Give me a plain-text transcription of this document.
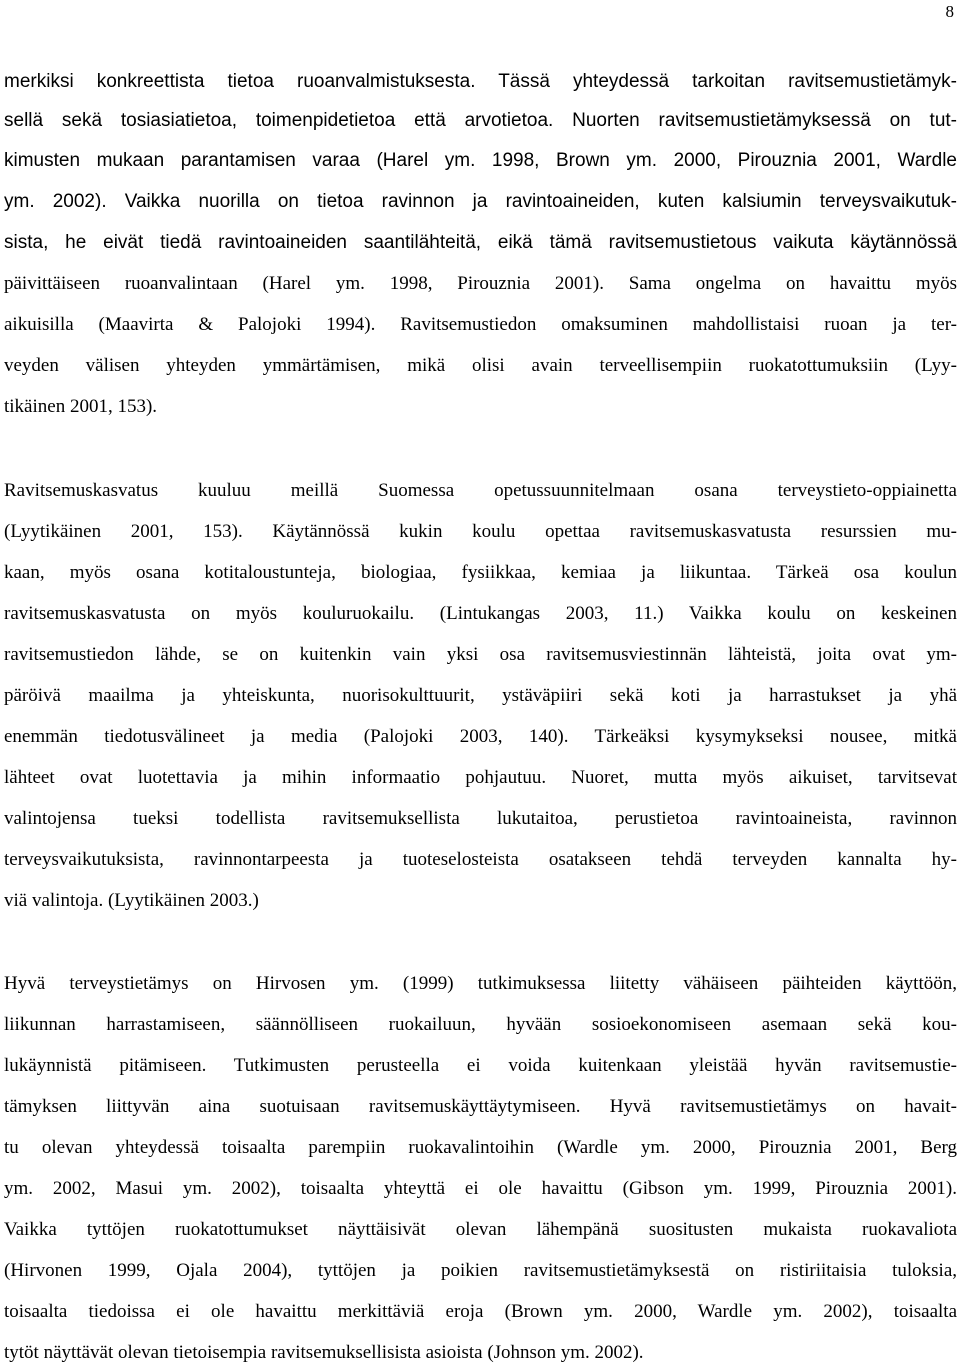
8
merkiksi konkreettista tietoa ruoanvalmistuksesta. Tässä yhteydessä tarkoitan ravitsemustietämyk-
sellä sekä tosiasiatietoa, toimenpidetietoa että arvotietoa. Nuorten ravitsemustietämyksessä on tut-
kimusten mukaan parantamisen varaa (Harel ym. 1998, Brown ym. 2000, Pirouznia 2001, Wardle
ym. 2002). Vaikka nuorilla on tietoa ravinnon ja ravintoaineiden, kuten kalsiumin terveysvaikutuk-
sista, he eivät tiedä ravintoaineiden saantilähteitä, eikä tämä ravitsemustietous vaikuta käytännössä
päivittäiseen ruoanvalintaan (Harel ym. 1998, Pirouznia 2001). Sama ongelma on havaittu myös
aikuisilla (Maavirta & Palojoki 1994). Ravitsemustiedon omaksuminen mahdollistaisi ruoan ja ter-
veyden välisen yhteyden ymmärtämisen, mikä olisi avain terveellisempiin ruokatottumuksiin (Lyy-
tikäinen 2001, 153).
Ravitsemuskasvatus kuuluu meillä Suomessa opetussuunnitelmaan osana terveystieto-oppiainetta
(Lyytikäinen 2001, 153). Käytännössä kukin koulu opettaa ravitsemuskasvatusta resurssien mu-
kaan, myös osana kotitaloustunteja, biologiaa, fysiikkaa, kemiaa ja liikuntaa. Tärkeä osa koulun
ravitsemuskasvatusta on myös kouluruokailu. (Lintukangas 2003, 11.) Vaikka koulu on keskeinen
ravitsemustiedon lähde, se on kuitenkin vain yksi osa ravitsemusviestinnän lähteistä, joita ovat ym-
päröivä maailma ja yhteiskunta, nuorisokulttuurit, ystäväpiiri sekä koti ja harrastukset ja yhä
enemmän tiedotusvälineet ja media (Palojoki 2003, 140). Tärkeäksi kysymykseksi nousee, mitkä
lähteet ovat luotettavia ja mihin informaatio pohjautuu. Nuoret, mutta myös aikuiset, tarvitsevat
valintojensa tueksi todellista ravitsemuksellista lukutaitoa, perustietoa ravintoaineista, ravinnon
terveysvaikutuksista, ravinnontarpeesta ja tuoteselosteista osatakseen tehdä terveyden kannalta hy-
viä valintoja. (Lyytikäinen 2003.)
Hyvä terveystietämys on Hirvosen ym. (1999) tutkimuksessa liitetty vähäiseen päihteiden käyttöön,
liikunnan harrastamiseen, säännölliseen ruokailuun, hyvään sosioekonomiseen asemaan sekä kou-
lukäynnistä pitämiseen. Tutkimusten perusteella ei voida kuitenkaan yleistää hyvän ravitsemustie-
tämyksen liittyvän aina suotuisaan ravitsemuskäyttäytymiseen. Hyvä ravitsemustietämys on havait-
tu olevan yhteydessä toisaalta parempiin ruokavalintoihin (Wardle ym. 2000, Pirouznia 2001, Berg
ym. 2002, Masui ym. 2002), toisaalta yhteyttä ei ole havaittu (Gibson ym. 1999, Pirouznia 2001).
Vaikka tyttöjen ruokatottumukset näyttäisivät olevan lähempänä suositusten mukaista ruokavaliota
(Hirvonen 1999, Ojala 2004), tyttöjen ja poikien ravitsemustietämyksestä on ristiriitaisia tuloksia,
toisaalta tiedoissa ei ole havaittu merkittäviä eroja (Brown ym. 2000, Wardle ym. 2002), toisaalta
tytöt näyttävät olevan tietoisempia ravitsemuksellisista asioista (Johnson ym. 2002).
